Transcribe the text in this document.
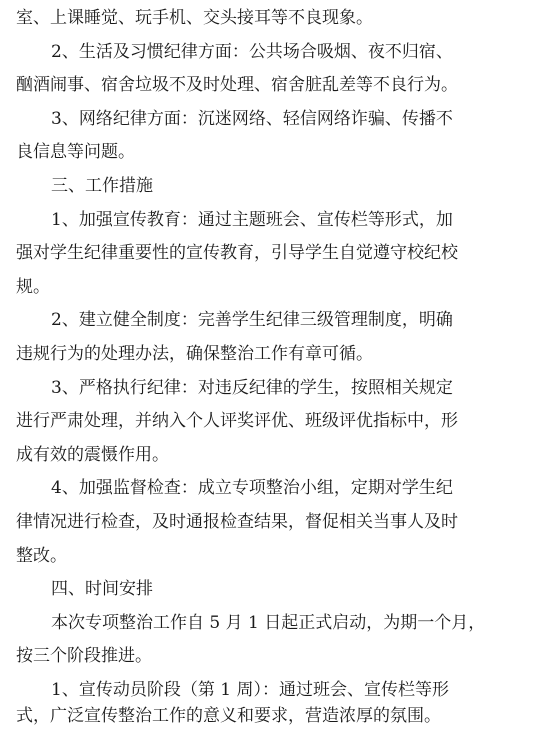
室、上课睡觉、玩手机、交头接耳等不良现象。
2、生活及习惯纪律方面：公共场合吸烟、夜不归宿、
酗酒闹事、宿舍垃圾不及时处理、宿舍脏乱差等不良行为。
3、网络纪律方面：沉迷网络、轻信网络诈骗、传播不
良信息等问题。
三、工作措施
1、加强宣传教育：通过主题班会、宣传栏等形式，加
强对学生纪律重要性的宣传教育，引导学生自觉遵守校纪校
规。
2、建立健全制度：完善学生纪律三级管理制度，明确
违规行为的处理办法，确保整治工作有章可循。
3、严格执行纪律：对违反纪律的学生，按照相关规定
进行严肃处理，并纳入个人评奖评优、班级评优指标中，形
成有效的震慑作用。
4、加强监督检查：成立专项整治小组，定期对学生纪
律情况进行检查，及时通报检查结果，督促相关当事人及时
整改。
四、时间安排
本次专项整治工作自 5 月 1 日起正式启动，为期一个月，
按三个阶段推进。
1、宣传动员阶段（第 1 周）：通过班会、宣传栏等形
式，广泛宣传整治工作的意义和要求，营造浓厚的氛围。
